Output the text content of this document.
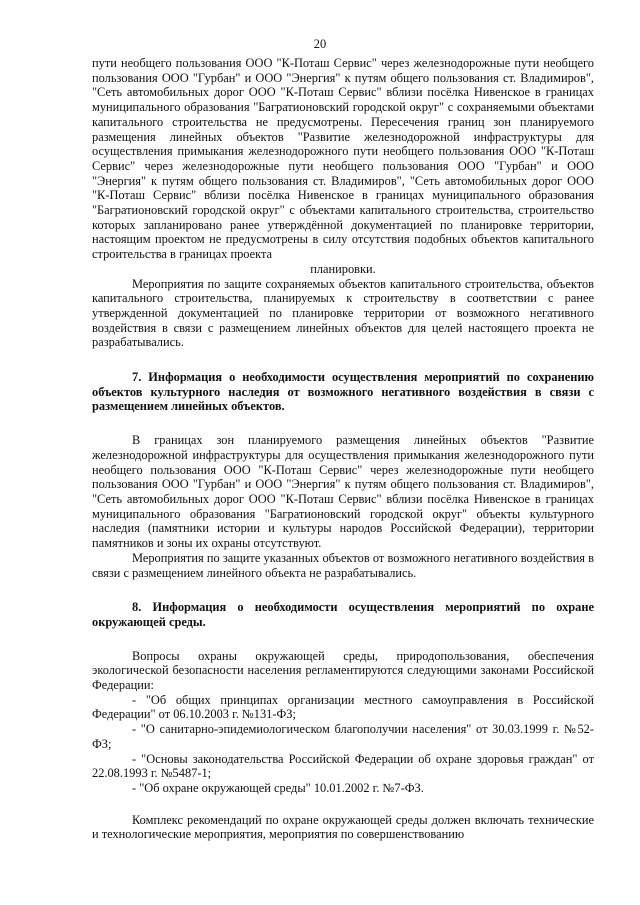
20

пути необщего пользования ООО "К-Поташ Сервис" через железнодорожные пути необщего пользования ООО "Гурбан" и ООО "Энергия" к путям общего пользования ст. Владимиров", "Сеть автомобильных дорог ООО "К-Поташ Сервис" вблизи посёлка Нивенское в границах муниципального образования "Багратионовский городской округ" с сохраняемыми объектами капитального строительства не предусмотрены. Пересечения границ зон планируемого размещения линейных объектов "Развитие железнодорожной инфраструктуры для осуществления примыкания железнодорожного пути необщего пользования ООО "К-Поташ Сервис" через железнодорожные пути необщего пользования ООО "Гурбан" и ООО "Энергия" к путям общего пользования ст. Владимиров", "Сеть автомобильных дорог ООО "К-Поташ Сервис" вблизи посёлка Нивенское в границах муниципального образования "Багратионовский городской округ" с объектами капитального строительства, строительство которых запланировано ранее утверждённой документацией по планировке территории, настоящим проектом не предусмотрены в силу отсутствия подобных объектов капитального строительства в границах проекта

планировки.

Мероприятия по защите сохраняемых объектов капитального строительства, объектов капитального строительства, планируемых к строительству в соответствии с ранее утвержденной документацией по планировке территории от возможного негативного воздействия в связи с размещением линейных объектов для целей настоящего проекта не разрабатывались.

7. Информация о необходимости осуществления мероприятий по сохранению объектов культурного наследия от возможного негативного воздействия в связи с размещением линейных объектов.

В границах зон планируемого размещения линейных объектов "Развитие железнодорожной инфраструктуры для осуществления примыкания железнодорожного пути необщего пользования ООО "К-Поташ Сервис" через железнодорожные пути необщего пользования ООО "Гурбан" и ООО "Энергия" к путям общего пользования ст. Владимиров", "Сеть автомобильных дорог ООО "К-Поташ Сервис" вблизи посёлка Нивенское в границах муниципального образования "Багратионовский городской округ" объекты культурного наследия (памятники истории и культуры народов Российской Федерации), территории памятников и зоны их охраны отсутствуют.

Мероприятия по защите указанных объектов от возможного негативного воздействия в связи с размещением линейного объекта не разрабатывались.

8. Информация о необходимости осуществления мероприятий по охране окружающей среды.

Вопросы охраны окружающей среды, природопользования, обеспечения экологической безопасности населения регламентируются следующими законами Российской Федерации:

- "Об общих принципах организации местного самоуправления в Российской Федерации" от 06.10.2003 г. №131-ФЗ;

- "О санитарно-эпидемиологическом благополучии населения" от 30.03.1999 г. №52-ФЗ;

- "Основы законодательства Российской Федерации об охране здоровья граждан" от 22.08.1993 г. №5487-1;

- "Об охране окружающей среды" 10.01.2002 г. №7-ФЗ.

Комплекс рекомендаций по охране окружающей среды должен включать технические и технологические мероприятия, мероприятия по совершенствованию
